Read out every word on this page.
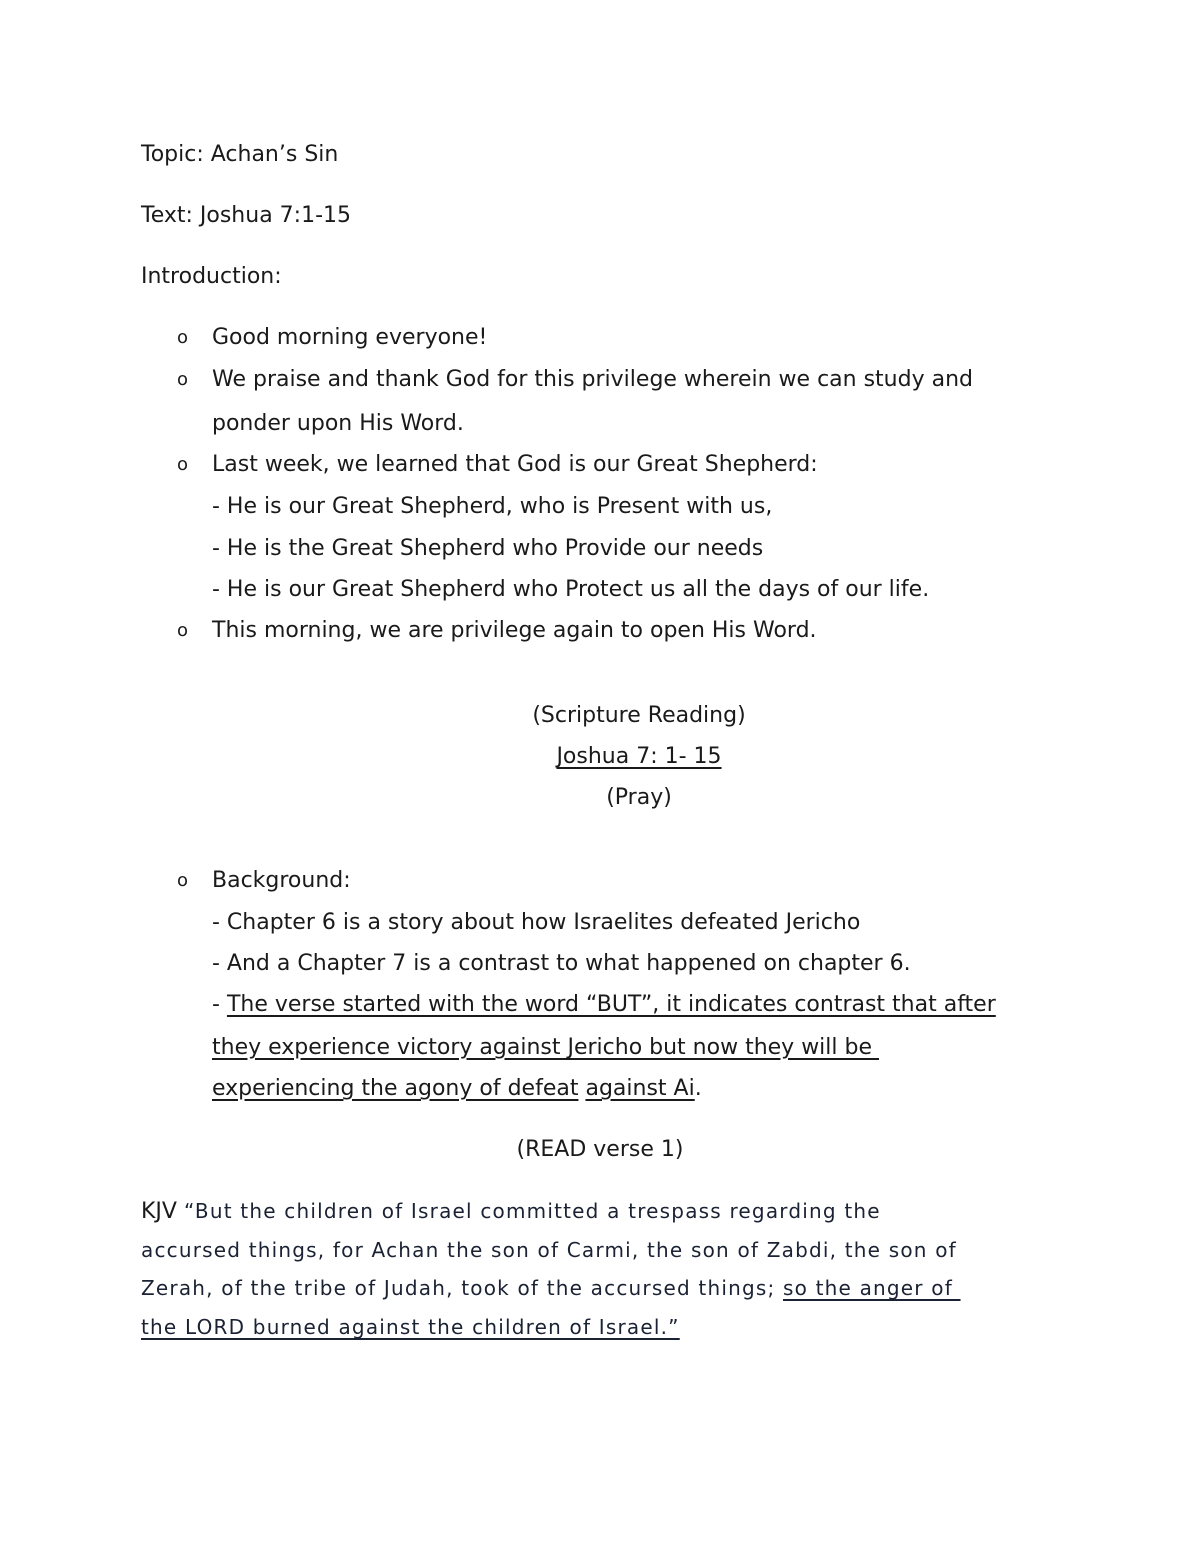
Topic: Achan’s Sin
Text: Joshua 7:1-15
Introduction:
o Good morning everyone!
o We praise and thank God for this privilege wherein we can study and
ponder upon His Word.
o Last week, we learned that God is our Great Shepherd:
- He is our Great Shepherd, who is Present with us,
- He is the Great Shepherd who Provide our needs
- He is our Great Shepherd who Protect us all the days of our life.
o This morning, we are privilege again to open His Word.
(Scripture Reading)
Joshua 7: 1- 15
(Pray)
o Background:
- Chapter 6 is a story about how Israelites defeated Jericho
- And a Chapter 7 is a contrast to what happened on chapter 6.
- The verse started with the word “BUT”, it indicates contrast that after
they experience victory against Jericho but now they will be
experiencing the agony of defeat against Ai.
(READ verse 1)
KJV “But the children of Israel committed a trespass regarding the
accursed things, for Achan the son of Carmi, the son of Zabdi, the son of
Zerah, of the tribe of Judah, took of the accursed things; so the anger of
the LORD burned against the children of Israel.”
